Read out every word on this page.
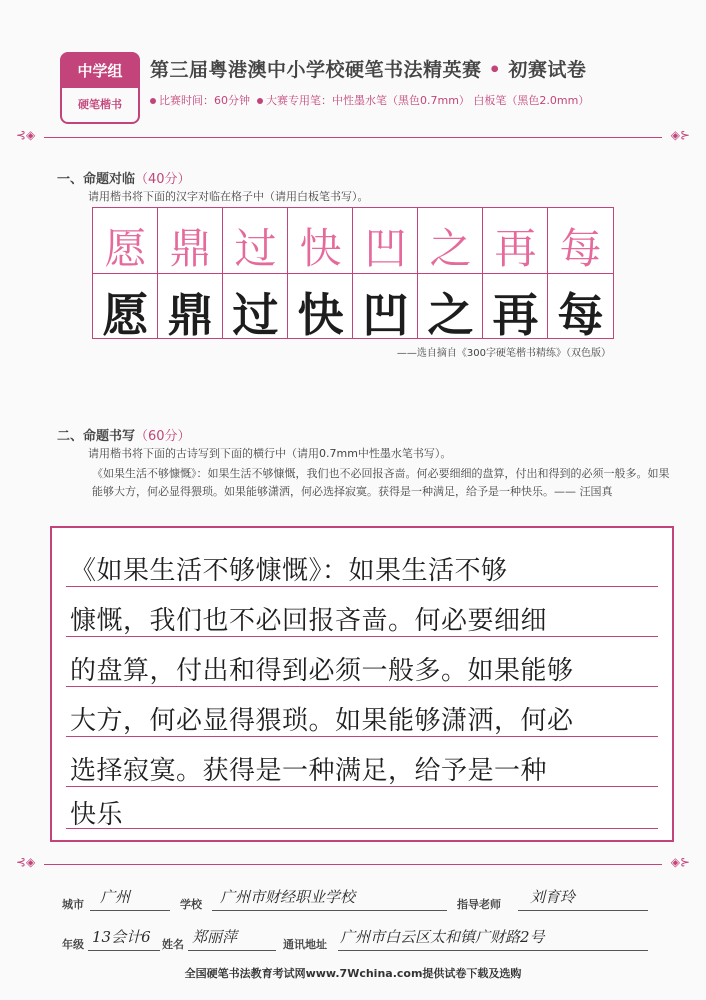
中学组
硬笔楷书
第三届粤港澳中小学校硬笔书法精英赛 • 初赛试卷
比赛时间：60分钟 大赛专用笔：中性墨水笔（黑色0.7mm） 白板笔（黑色2.0mm）
⊰◈	◈⊱
一、命题对临（40分）
请用楷书将下面的汉字对临在格子中（请用白板笔书写）。
愿 鼎 过 快 凹 之 再 每
愿 鼎 过 快 凹 之 再 每
——选自摘自《300字硬笔楷书精练》（双色版）
二、命题书写（60分）
请用楷书将下面的古诗写到下面的横行中（请用0.7mm中性墨水笔书写）。
《如果生活不够慷慨》：如果生活不够慷慨，我们也不必回报吝啬。何必要细细的盘算，付出和得到的必须一般多。如果能够大方，何必显得猥琐。如果能够潇洒，何必选择寂寞。获得是一种满足，给予是一种快乐。—— 汪国真
《如果生活不够慷慨》：如果生活不够
慷慨，我们也不必回报吝啬。何必要细细
的盘算，付出和得到必须一般多。如果能够
大方，何必显得猥琐。如果能够潇洒，何必
选择寂寞。获得是一种满足，给予是一种
快乐
⊰◈	◈⊱
城市 广州	学校 广州市财经职业学校	指导老师 刘育玲
年级 13会计6 姓名 郑丽萍	通讯地址 广州市白云区太和镇广财路2号
全国硬笔书法教育考试网www.7Wchina.com提供试卷下载及选购
